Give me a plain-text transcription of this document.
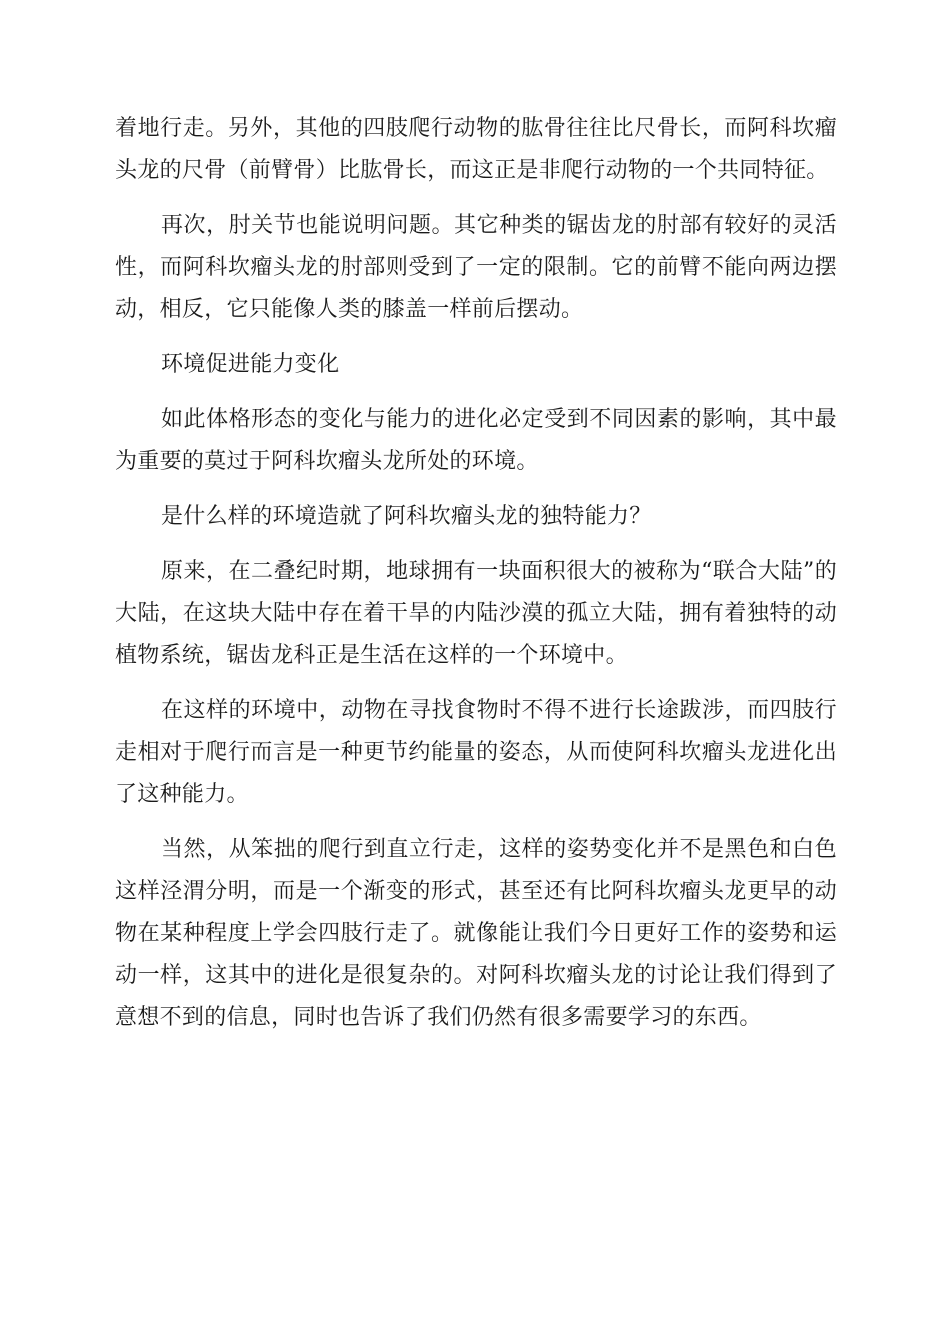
着地行走。另外，其他的四肢爬行动物的肱骨往往比尺骨长，而阿科坎瘤头龙的尺骨（前臂骨）比肱骨长，而这正是非爬行动物的一个共同特征。

再次，肘关节也能说明问题。其它种类的锯齿龙的肘部有较好的灵活性，而阿科坎瘤头龙的肘部则受到了一定的限制。它的前臂不能向两边摆动，相反，它只能像人类的膝盖一样前后摆动。

环境促进能力变化

如此体格形态的变化与能力的进化必定受到不同因素的影响，其中最为重要的莫过于阿科坎瘤头龙所处的环境。

是什么样的环境造就了阿科坎瘤头龙的独特能力？

原来，在二叠纪时期，地球拥有一块面积很大的被称为“联合大陆”的大陆，在这块大陆中存在着干旱的内陆沙漠的孤立大陆，拥有着独特的动植物系统，锯齿龙科正是生活在这样的一个环境中。

在这样的环境中，动物在寻找食物时不得不进行长途跋涉，而四肢行走相对于爬行而言是一种更节约能量的姿态，从而使阿科坎瘤头龙进化出了这种能力。

当然，从笨拙的爬行到直立行走，这样的姿势变化并不是黑色和白色这样泾渭分明，而是一个渐变的形式，甚至还有比阿科坎瘤头龙更早的动物在某种程度上学会四肢行走了。就像能让我们今日更好工作的姿势和运动一样，这其中的进化是很复杂的。对阿科坎瘤头龙的讨论让我们得到了意想不到的信息，同时也告诉了我们仍然有很多需要学习的东西。
